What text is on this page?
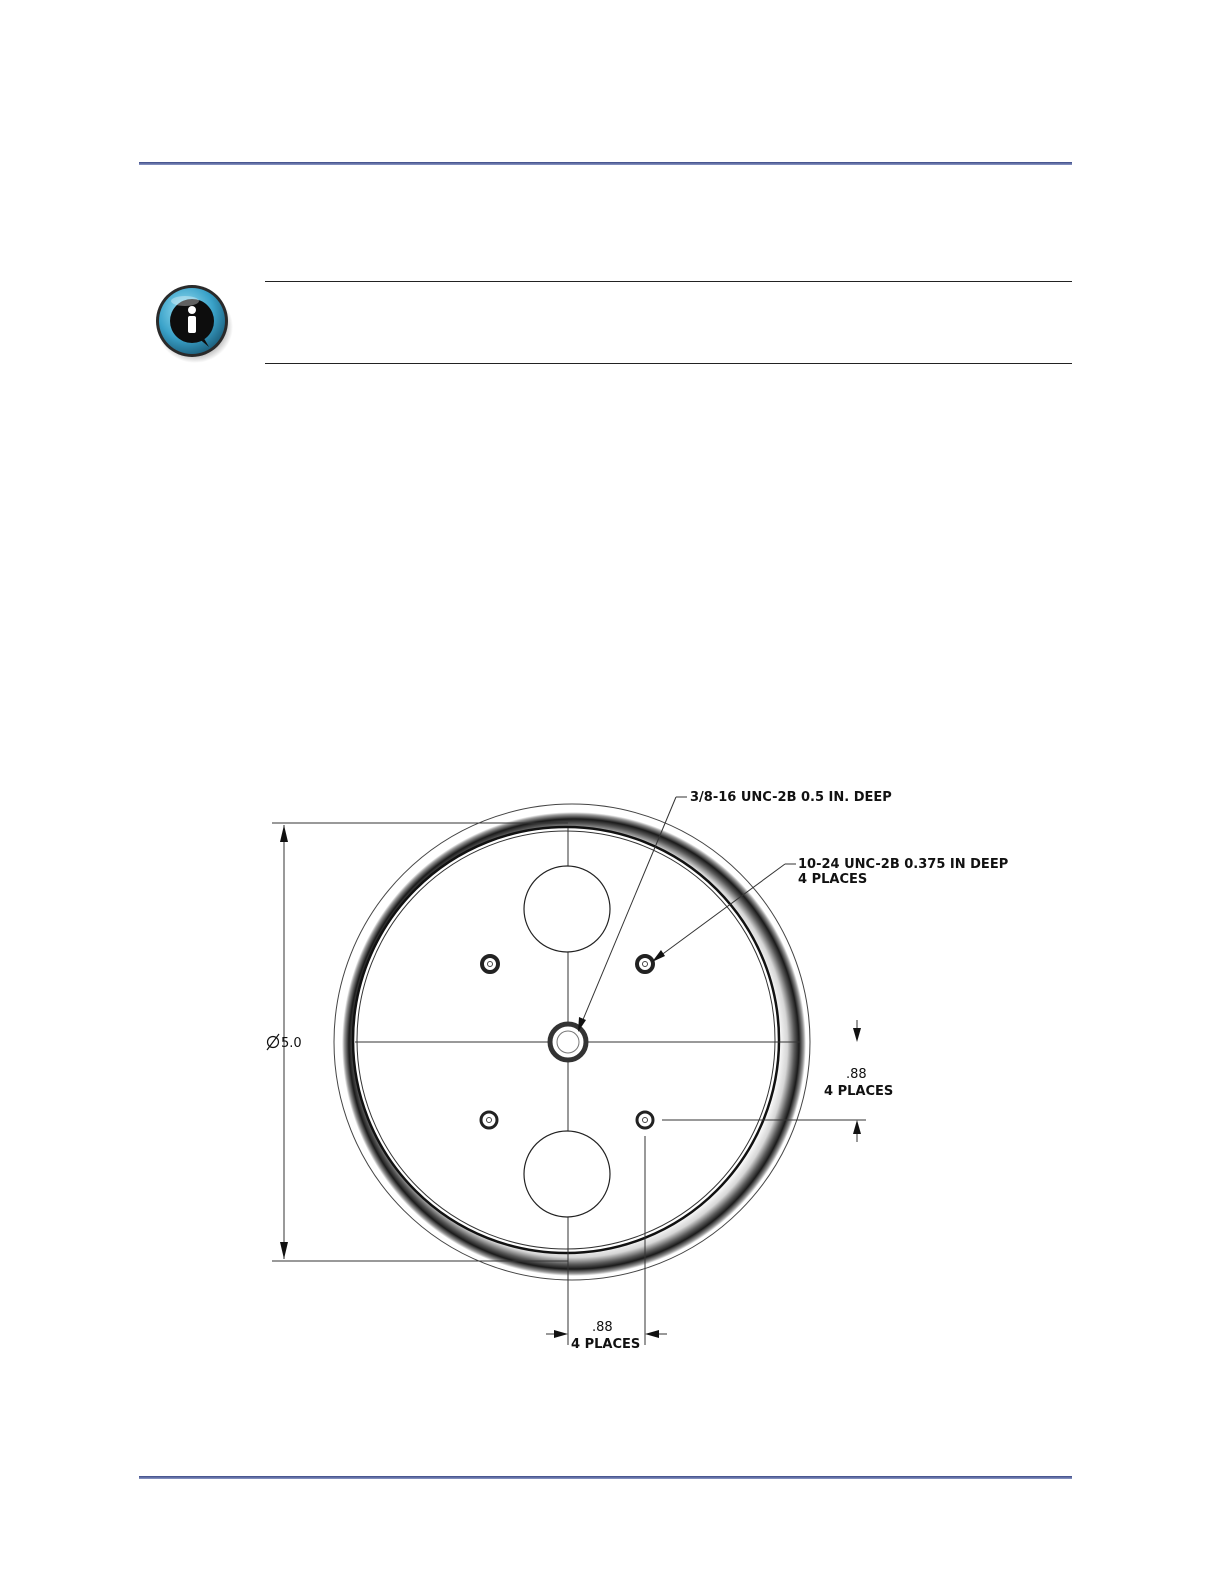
5.0
3/8-16 UNC-2B 0.5 IN. DEEP
10-24 UNC-2B 0.375 IN DEEP
4 PLACES
.88
4 PLACES
.88
4 PLACES
